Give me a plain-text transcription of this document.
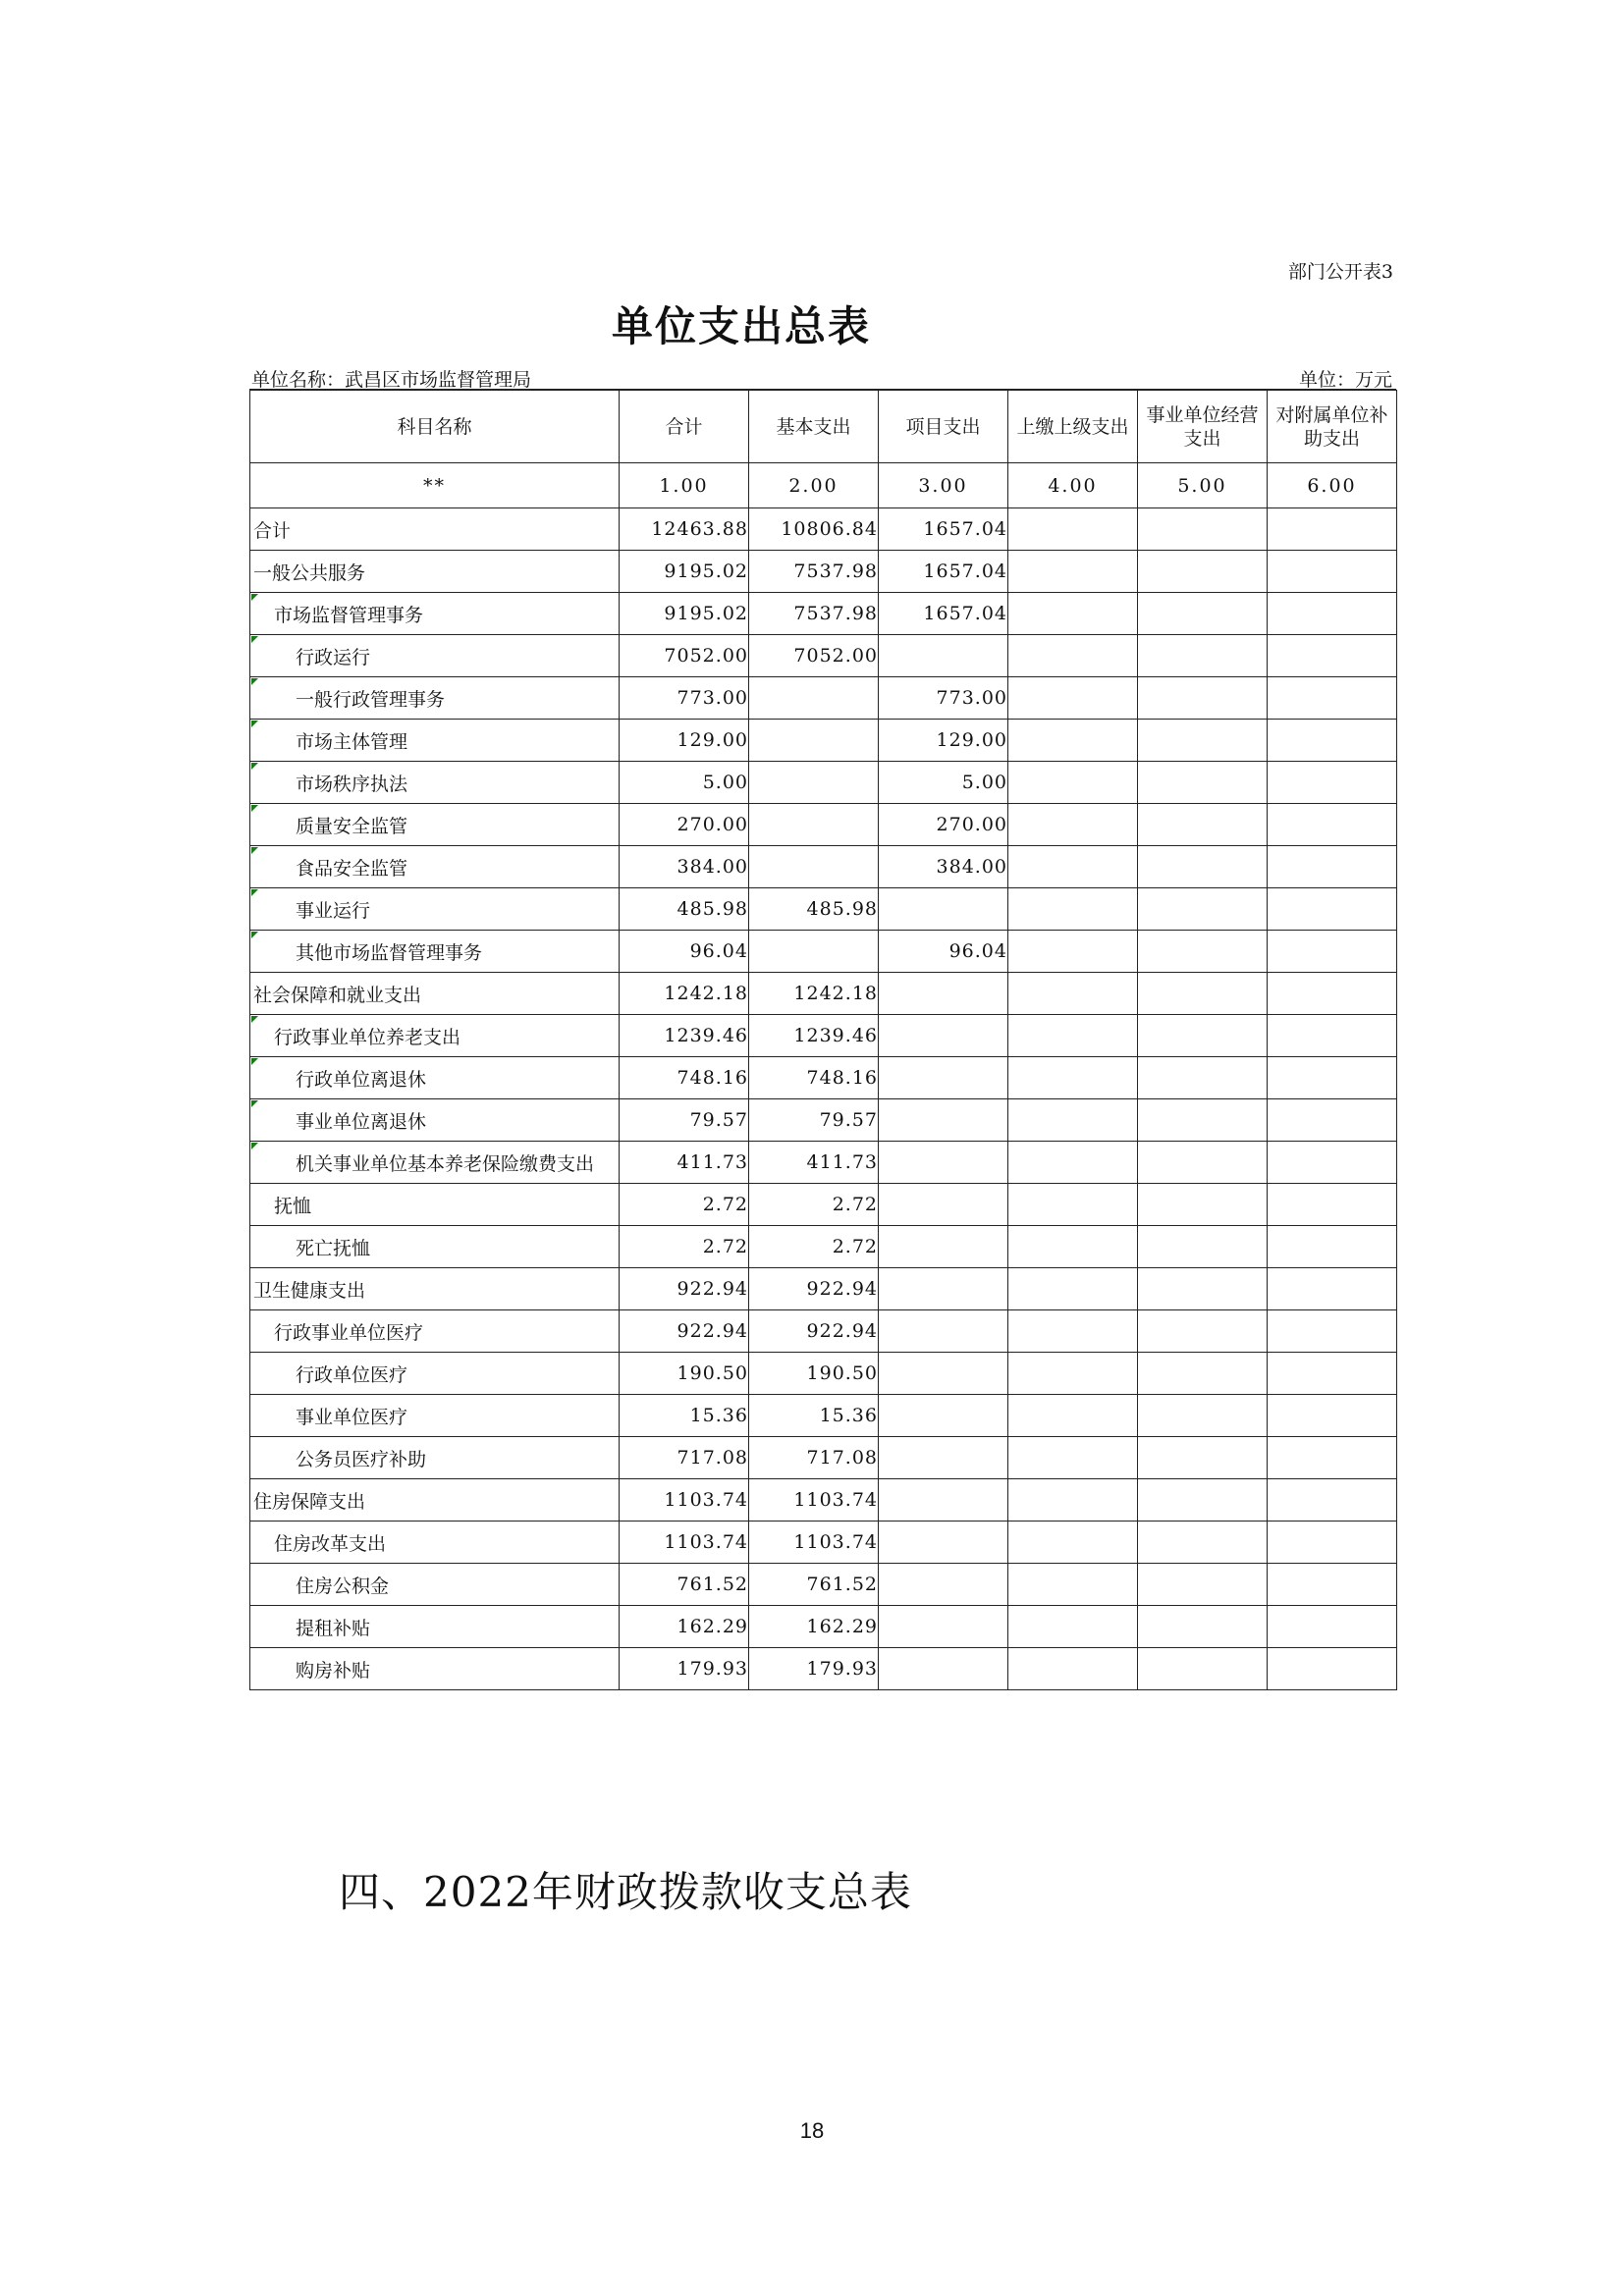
部门公开表3
单位支出总表
单位名称：武昌区市场监督管理局	单位：万元
科目名称	合计	基本支出	项目支出	上缴上级支出	事业单位经营支出	对附属单位补助支出
**	1.00	2.00	3.00	4.00	5.00	6.00
合计	12463.88	10806.84	1657.04			
一般公共服务	9195.02	7537.98	1657.04			

市场监督管理事务	9195.02	7537.98	1657.04			

行政运行	7052.00	7052.00				

一般行政管理事务	773.00		773.00			

市场主体管理	129.00		129.00			

市场秩序执法	5.00		5.00			

质量安全监管	270.00		270.00			

食品安全监管	384.00		384.00			

事业运行	485.98	485.98				

其他市场监督管理事务	96.04		96.04			
社会保障和就业支出	1242.18	1242.18				

行政事业单位养老支出	1239.46	1239.46				

行政单位离退休	748.16	748.16				

事业单位离退休	79.57	79.57				

机关事业单位基本养老保险缴费支出	411.73	411.73				
抚恤	2.72	2.72				
死亡抚恤	2.72	2.72				
卫生健康支出	922.94	922.94				
行政事业单位医疗	922.94	922.94				
行政单位医疗	190.50	190.50				
事业单位医疗	15.36	15.36				
公务员医疗补助	717.08	717.08				
住房保障支出	1103.74	1103.74				
住房改革支出	1103.74	1103.74				
住房公积金	761.52	761.52				
提租补贴	162.29	162.29				
购房补贴	179.93	179.93				
四、2022年财政拨款收支总表
18
